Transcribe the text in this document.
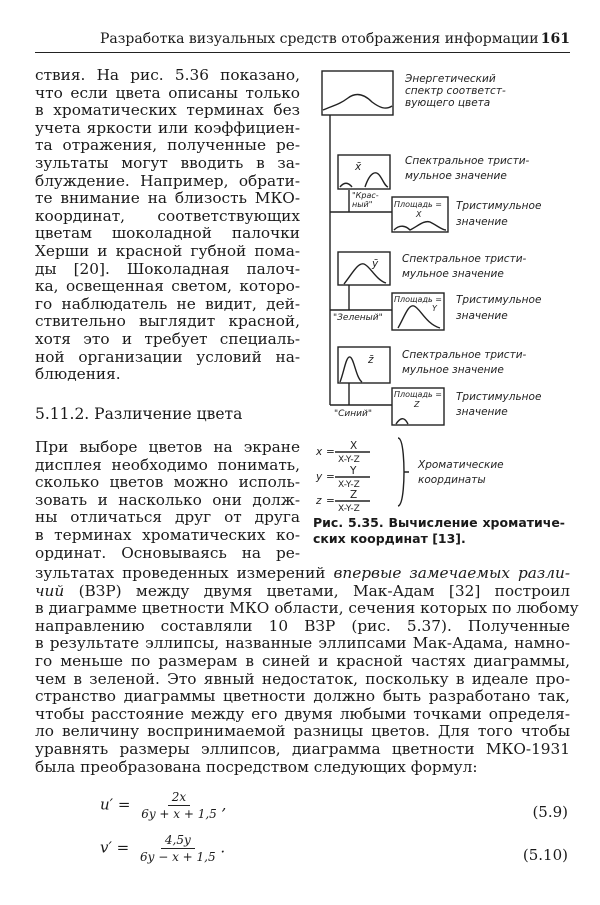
Разработка визуальных средств отображения информации 161
ствия. На рис. 5.36 показано,
что если цвета описаны только
в хроматических терминах без
учета яркости или коэффициен-
та отражения, полученные ре-
зультаты могут вводить в за-
блуждение. Например, обрати-
те внимание на близость МКО-
координат, соответствующих
цветам шоколадной палочки
Херши и красной губной пома-
ды [20]. Шоколадная палоч-
ка, освещенная светом, которо-
го наблюдатель не видит, дей-
ствительно выглядит красной,
хотя это и требует специаль-
ной организации условий на-
блюдения.
5.11.2. Различение цвета
При выборе цветов на экране
дисплея необходимо понимать,
сколько цветов можно исполь-
зовать и насколько они долж-
ны отличаться друг от друга
в терминах хроматических ко-
ординат. Основываясь на ре-
зультатах проведенных измерений впервые замечаемых разли-
чий (ВЗР) между двумя цветами, Мак-Адам [32] построил
в диаграмме цветности МКО области, сечения которых по любому
направлению составляли 10 ВЗР (рис. 5.37). Полученные
в результате эллипсы, названные эллипсами Мак-Адама, намно-
го меньше по размерам в синей и красной частях диаграммы,
чем в зеленой. Это явный недостаток, поскольку в идеале про-
странство диаграммы цветности должно быть разработано так,
чтобы расстояние между его двумя любыми точками определя-
ло величину воспринимаемой разницы цветов. Для того чтобы
уравнять размеры эллипсов, диаграмма цветности МКО-1931
была преобразована посредством следующих формул:
$u' = \frac{2x}{6y + x + 1,5}$ ,	(5.9)
$v' = \frac{4,5y}{6y - x + 1,5}$ .	(5.10)
Энергетический
спектр соответст-
вующего цвета
x̄	Спектральное тристи-
мульное значение
"Крас-
ный"	Площадь =
X
Тристимульное
значение
ȳ Спектральное тристи-
мульное значение
"Зеленый"
Площадь =
Y
Тристимульное
значение
z̄	Спектральное тристи-
мульное значение
"Синий"
Площадь =
Z
Тристимульное
значение
x = X
X-Y-Z
y = Y
X-Y-Z
z = Z
X-Y-Z
Хроматические
координаты
Рис. 5.35. Вычисление хроматиче-
ских координат [13].
